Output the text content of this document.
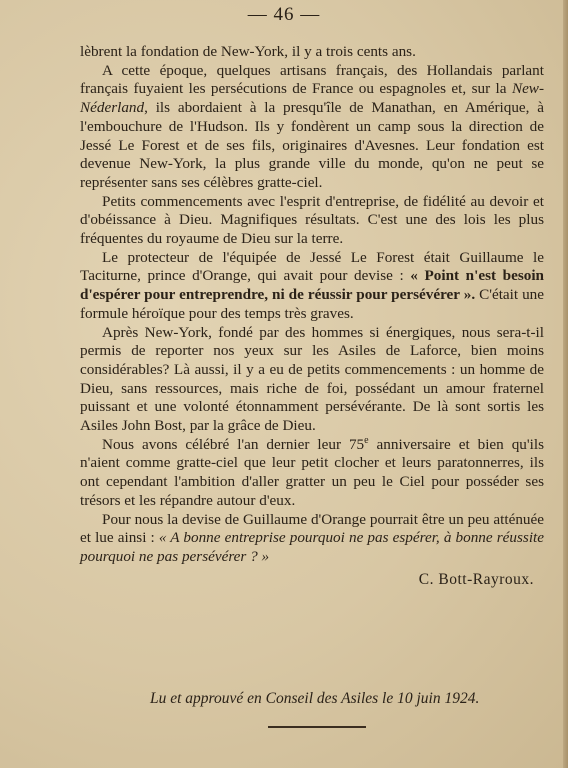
— 46 —

lèbrent la fondation de New-York, il y a trois cents ans.

A cette époque, quelques artisans français, des Hollandais parlant français fuyaient les persécutions de France ou espagnoles et, sur la New-Néderland, ils abordaient à la presqu'île de Manathan, en Amérique, à l'embouchure de l'Hudson. Ils y fondèrent un camp sous la direction de Jessé Le Forest et de ses fils, originaires d'Avesnes. Leur fondation est devenue New-York, la plus grande ville du monde, qu'on ne peut se représenter sans ses célèbres gratte-ciel.

Petits commencements avec l'esprit d'entreprise, de fidélité au devoir et d'obéissance à Dieu. Magnifiques résultats. C'est une des lois les plus fréquentes du royaume de Dieu sur la terre.

Le protecteur de l'équipée de Jessé Le Forest était Guillaume le Taciturne, prince d'Orange, qui avait pour devise : « Point n'est besoin d'espérer pour entreprendre, ni de réussir pour persévérer ». C'était une formule héroïque pour des temps très graves.

Après New-York, fondé par des hommes si énergiques, nous sera-t-il permis de reporter nos yeux sur les Asiles de Laforce, bien moins considérables? Là aussi, il y a eu de petits commencements : un homme de Dieu, sans ressources, mais riche de foi, possédant un amour fraternel puissant et une volonté étonnamment persévérante. De là sont sortis les Asiles John Bost, par la grâce de Dieu.

Nous avons célébré l'an dernier leur 75e anniversaire et bien qu'ils n'aient comme gratte-ciel que leur petit clocher et leurs paratonnerres, ils ont cependant l'ambition d'aller gratter un peu le Ciel pour posséder ses trésors et les répandre autour d'eux.

Pour nous la devise de Guillaume d'Orange pourrait être un peu atténuée et lue ainsi : « A bonne entreprise pourquoi ne pas espérer, à bonne réussite pourquoi ne pas persévérer ? »

C. Bott-Rayroux.
Lu et approuvé en Conseil des Asiles le 10 juin 1924.
